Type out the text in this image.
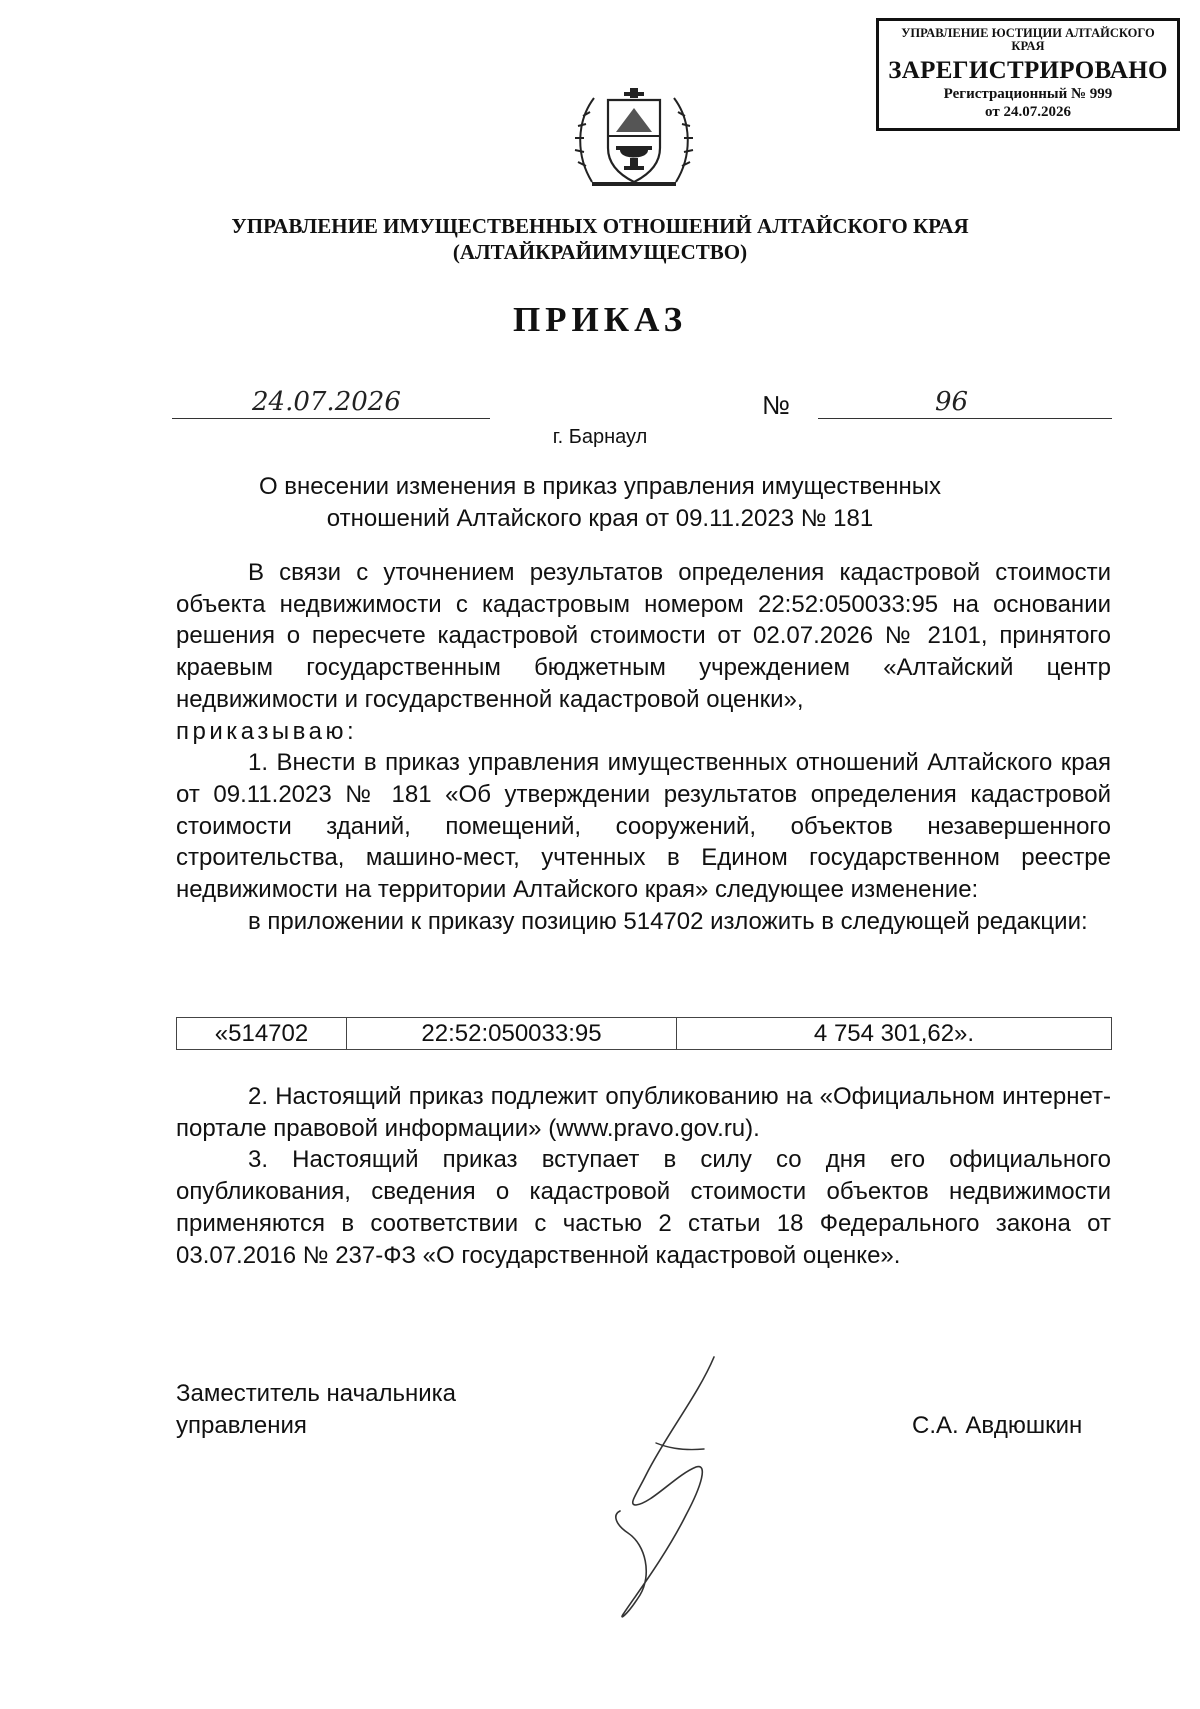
УПРАВЛЕНИЕ ЮСТИЦИИ АЛТАЙСКОГО КРАЯ
ЗАРЕГИСТРИРОВАНО
Регистрационный № 999
от 24.07.2026
УПРАВЛЕНИЕ ИМУЩЕСТВЕННЫХ ОТНОШЕНИЙ АЛТАЙСКОГО КРАЯ
(АЛТАЙКРАЙИМУЩЕСТВО)
ПРИКАЗ
24.07.2026	№	96
г. Барнаул
О внесении изменения в приказ управления имущественных
отношений Алтайского края от 09.11.2023 № 181

В связи с уточнением результатов определения кадастровой стоимости объекта недвижимости с кадастровым номером 22:52:050033:95 на основании решения о пересчете кадастровой стоимости от 02.07.2026 № 2101, принятого краевым государственным бюджетным учреждением «Алтайский центр недвижимости и государственной кадастровой оценки»,

приказываю:

1. Внести в приказ управления имущественных отношений Алтайского края от 09.11.2023 № 181 «Об утверждении результатов определения кадастровой стоимости зданий, помещений, сооружений, объектов незавершенного строительства, машино-мест, учтенных в Едином государственном реестре недвижимости на территории Алтайского края» следующее изменение:

в приложении к приказу позицию 514702 изложить в следующей редакции:

«514702	22:52:050033:95	4 754 301,62».

2. Настоящий приказ подлежит опубликованию на «Официальном интернет-портале правовой информации» (www.pravo.gov.ru).

3. Настоящий приказ вступает в силу со дня его официального опубликования, сведения о кадастровой стоимости объектов недвижимости применяются в соответствии с частью 2 статьи 18 Федерального закона от 03.07.2016 № 237-ФЗ «О государственной кадастровой оценке».

Заместитель начальника
управления	С.А. Авдюшкин
